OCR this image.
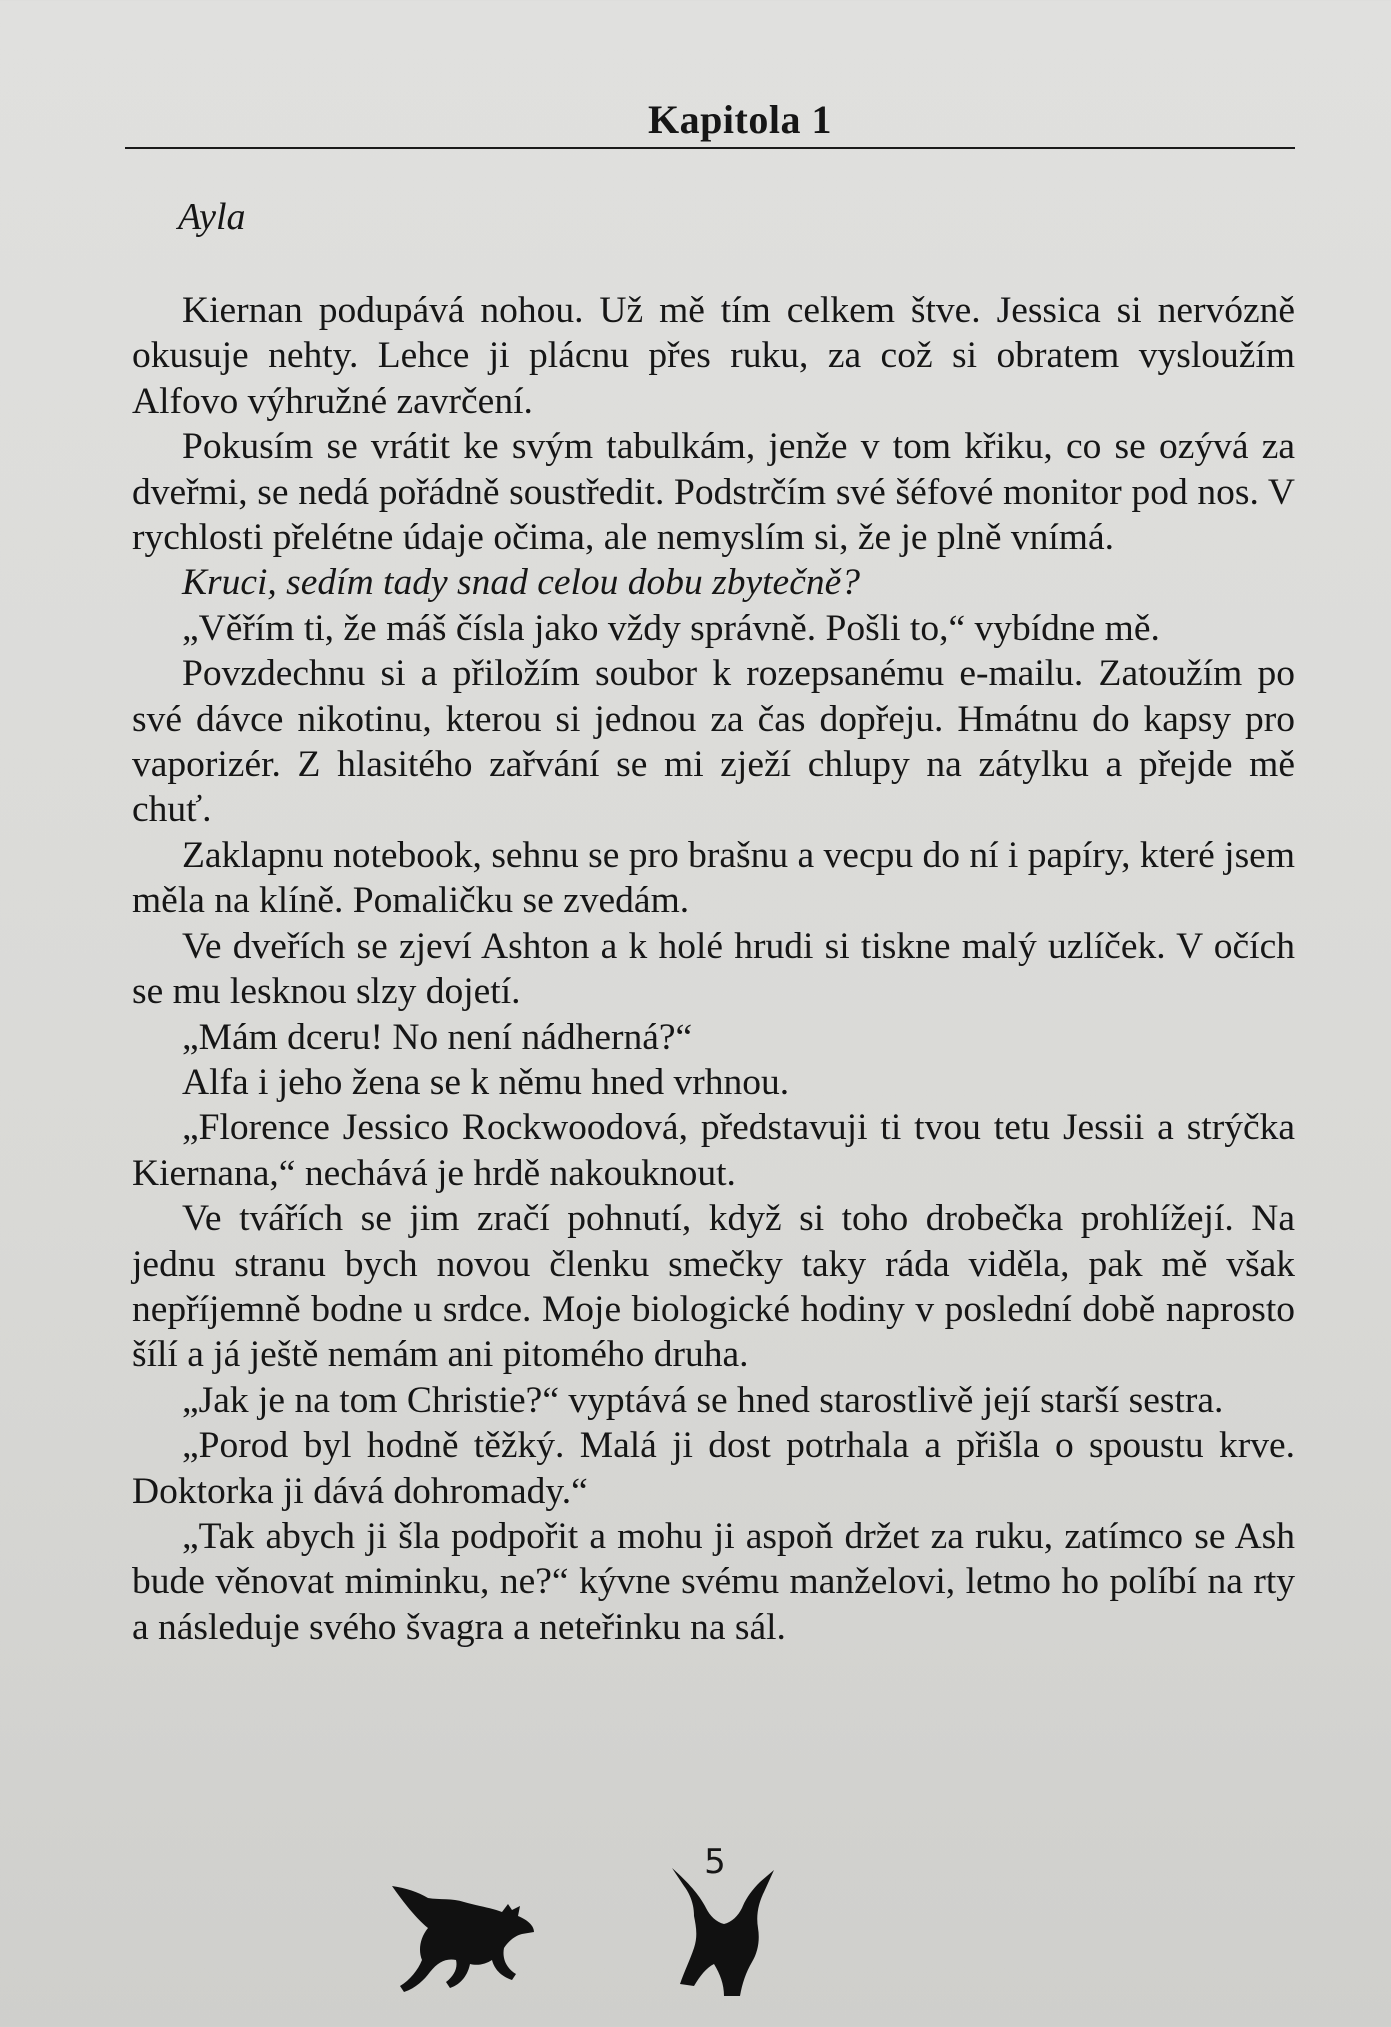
Kapitola 1
Ayla

Kiernan podupává nohou. Už mě tím celkem štve. Jessica si nervózně okusuje nehty. Lehce ji plácnu přes ruku, za což si obratem vysloužím Alfovo výhružné zavrčení.

Pokusím se vrátit ke svým tabulkám, jenže v tom křiku, co se ozývá za dveřmi, se nedá pořádně soustředit. Podstrčím své šéfové monitor pod nos. V rychlosti přelétne údaje očima, ale nemyslím si, že je plně vnímá.

Kruci, sedím tady snad celou dobu zbytečně?

„Věřím ti, že máš čísla jako vždy správně. Pošli to,“ vybídne mě.

Povzdechnu si a přiložím soubor k rozepsanému e-mailu. Zatoužím po své dávce nikotinu, kterou si jednou za čas dopřeju. Hmátnu do kapsy pro vaporizér. Z hlasitého zařvání se mi zježí chlupy na zátylku a přejde mě chuť.

Zaklapnu notebook, sehnu se pro brašnu a vecpu do ní i papíry, které jsem měla na klíně. Pomaličku se zvedám.

Ve dveřích se zjeví Ashton a k holé hrudi si tiskne malý uzlíček. V očích se mu lesknou slzy dojetí.

„Mám dceru! No není nádherná?“

Alfa i jeho žena se k němu hned vrhnou.

„Florence Jessico Rockwoodová, představuji ti tvou tetu Jessii a strýčka Kiernana,“ nechává je hrdě nakouknout.

Ve tvářích se jim zračí pohnutí, když si toho drobečka prohlížejí. Na jednu stranu bych novou členku smečky taky ráda viděla, pak mě však nepříjemně bodne u srdce. Moje biologické hodiny v poslední době naprosto šílí a já ještě nemám ani pitomého druha.

„Jak je na tom Christie?“ vyptává se hned starostlivě její starší sestra.

„Porod byl hodně těžký. Malá ji dost potrhala a přišla o spoustu krve. Doktorka ji dává dohromady.“

„Tak abych ji šla podpořit a mohu ji aspoň držet za ruku, zatímco se Ash bude věnovat miminku, ne?“ kývne svému manželovi, letmo ho políbí na rty a následuje svého švagra a neteřinku na sál.

5
